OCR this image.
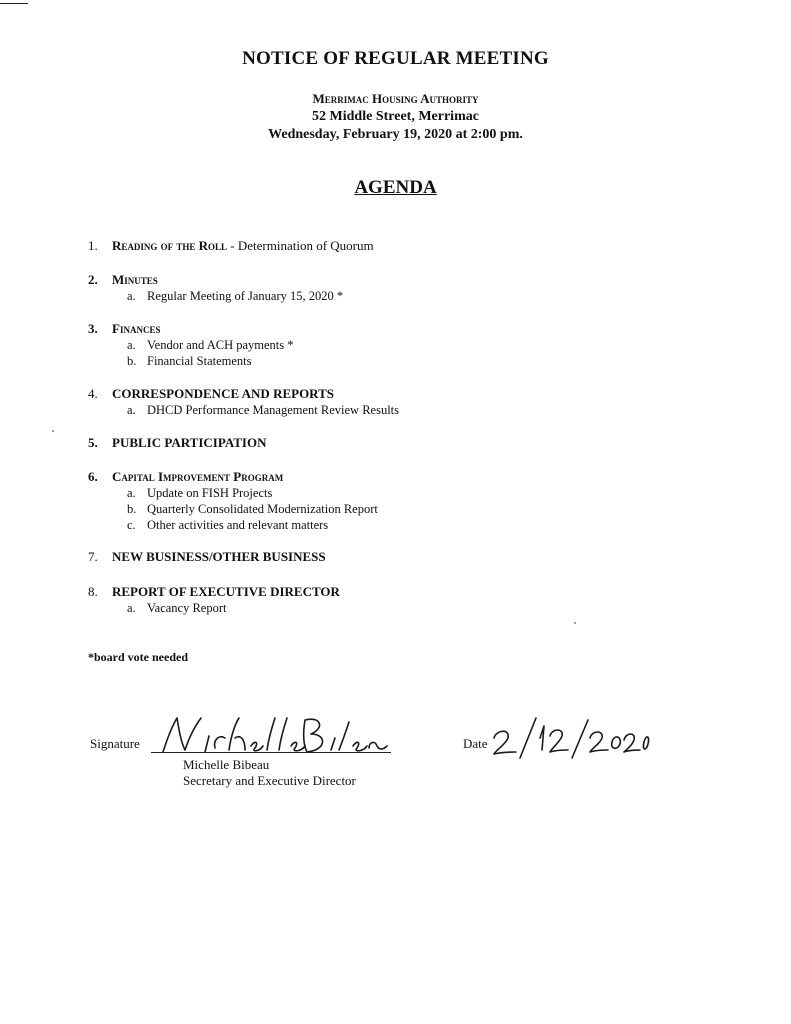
NOTICE OF REGULAR MEETING
Merrimac Housing Authority
52 Middle Street, Merrimac
Wednesday, February 19, 2020 at 2:00 pm.
AGENDA
1. Reading of the Roll - Determination of Quorum
2. Minutes
a. Regular Meeting of January 15, 2020 *
3. Finances
a. Vendor and ACH payments *
b. Financial Statements
4. CORRESPONDENCE AND REPORTS
a. DHCD Performance Management Review Results
5. PUBLIC PARTICIPATION
6. Capital Improvement Program
a. Update on FISH Projects
b. Quarterly Consolidated Modernization Report
c. Other activities and relevant matters
7. NEW BUSINESS/OTHER BUSINESS
8. REPORT OF EXECUTIVE DIRECTOR
a. Vacancy Report
*board vote needed
Signature
Michelle Bibeau
Secretary and Executive Director
Date
